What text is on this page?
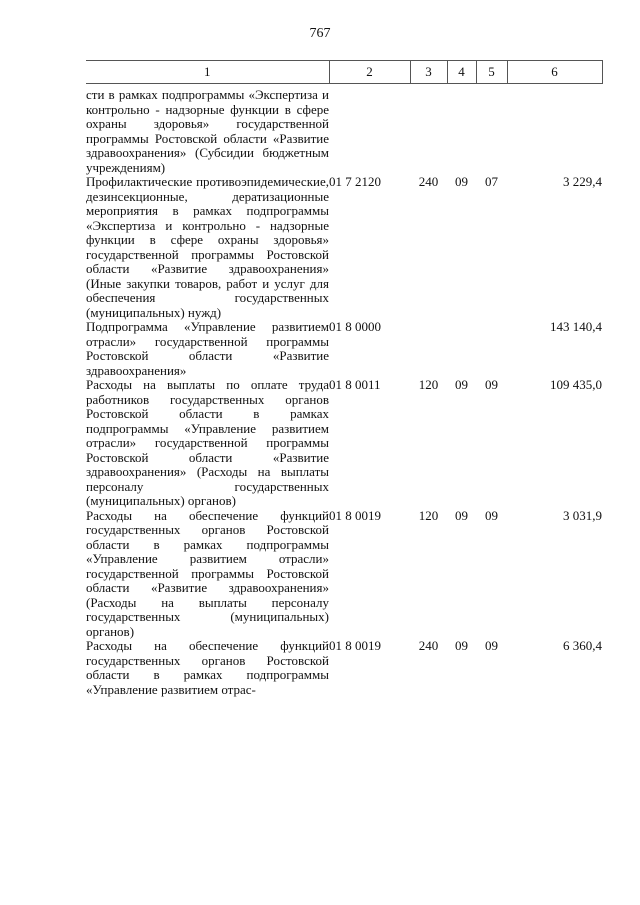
767
1	2	3	4	5	6
сти в рамках подпрограммы «Экспертиза и контрольно - надзорные функции в сфере охраны здоровья» государственной программы Ростовской области «Развитие здравоохранения» (Субсидии бюджетным учреждениям)					
Профилактические противоэпидемические, дезинсекционные, дератизационные мероприятия в рамках подпрограммы «Экспертиза и контрольно - надзорные функции в сфере охраны здоровья» государственной программы Ростовской области «Развитие здравоохранения» (Иные закупки товаров, работ и услуг для обеспечения государственных (муниципальных) нужд)	01 7 2120	240	09	07	3 229,4
Подпрограмма «Управление развитием отрасли» государственной программы Ростовской области «Развитие здравоохранения»	01 8 0000				143 140,4
Расходы на выплаты по оплате труда работников государственных органов Ростовской области в рамках подпрограммы «Управление развитием отрасли» государственной программы Ростовской области «Развитие здравоохранения» (Расходы на выплаты персоналу государственных (муниципальных) органов)	01 8 0011	120	09	09	109 435,0
Расходы на обеспечение функций государственных органов Ростовской области в рамках подпрограммы «Управление развитием отрасли» государственной программы Ростовской области «Развитие здравоохранения» (Расходы на выплаты персоналу государственных (муниципальных) органов)	01 8 0019	120	09	09	3 031,9
Расходы на обеспечение функций государственных органов Ростовской области в рамках подпрограммы «Управление развитием отрас-	01 8 0019	240	09	09	6 360,4
